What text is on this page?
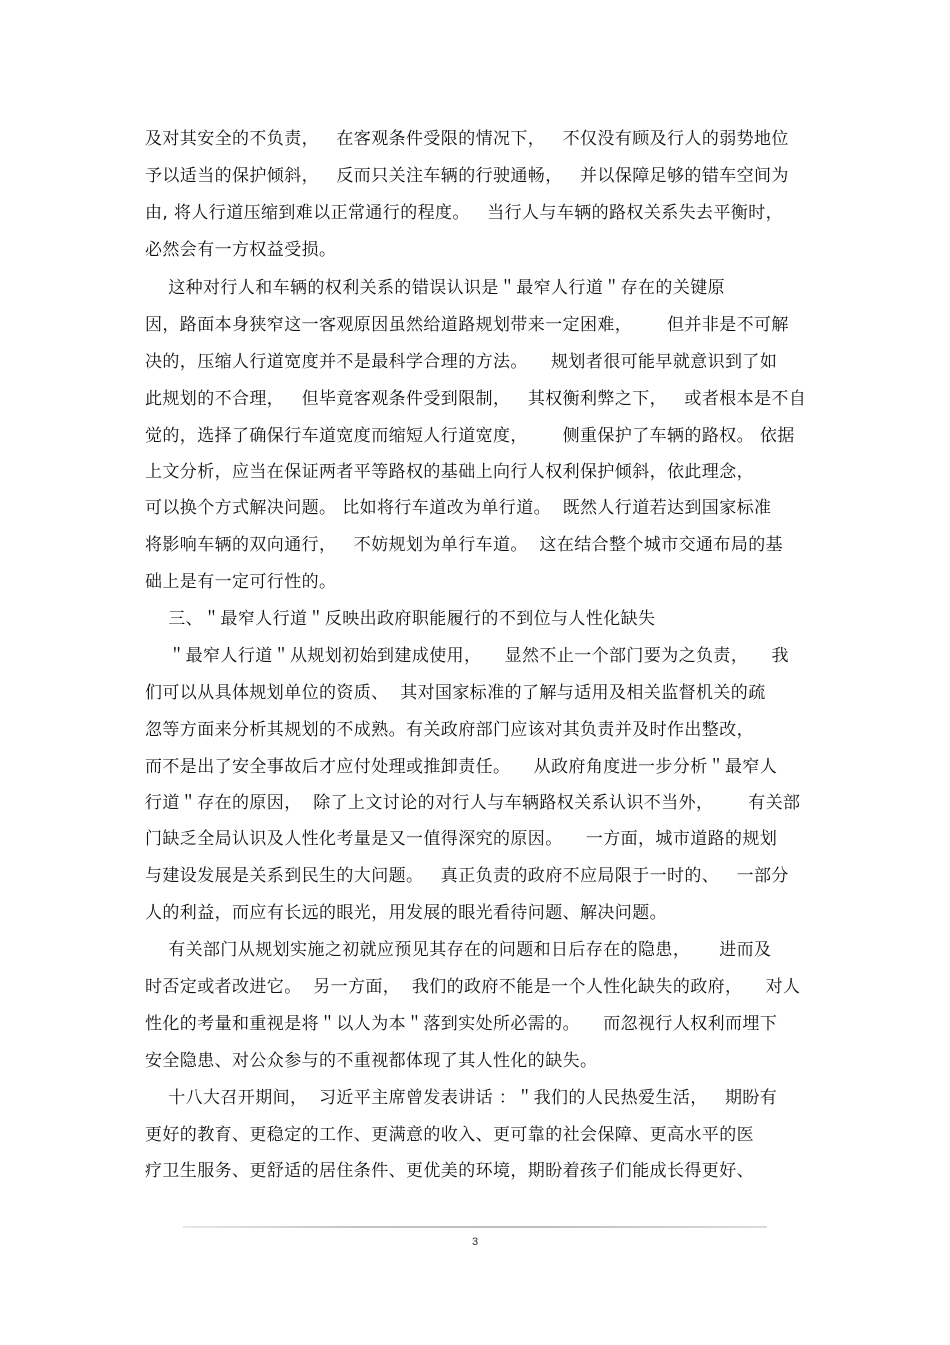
及对其安全的不负责，   在客观条件受限的情况下，   不仅没有顾及行人的弱势地位
予以适当的保护倾斜，   反而只关注车辆的行驶通畅，   并以保障足够的错车空间为
由, 将人行道压缩到难以正常通行的程度。   当行人与车辆的路权关系失去平衡时，
必然会有一方权益受损。
这种对行人和车辆的权利关系的错误认识是＂最窄人行道＂存在的关键原
因，路面本身狭窄这一客观原因虽然给道路规划带来一定困难，      但并非是不可解
决的，压缩人行道宽度并不是最科学合理的方法。    规划者很可能早就意识到了如
此规划的不合理，   但毕竟客观条件受到限制，   其权衡利弊之下，   或者根本是不自
觉的，选择了确保行车道宽度而缩短人行道宽度，      侧重保护了车辆的路权。 依据
上文分析，应当在保证两者平等路权的基础上向行人权利保护倾斜，依此理念，
可以换个方式解决问题。 比如将行车道改为单行道。  既然人行道若达到国家标准
将影响车辆的双向通行，   不妨规划为单行车道。  这在结合整个城市交通布局的基
础上是有一定可行性的。
三、＂最窄人行道＂反映出政府职能履行的不到位与人性化缺失
＂最窄人行道＂从规划初始到建成使用，    显然不止一个部门要为之负责，    我
们可以从具体规划单位的资质、  其对国家标准的了解与适用及相关监督机关的疏
忽等方面来分析其规划的不成熟。有关政府部门应该对其负责并及时作出整改，
而不是出了安全事故后才应付处理或推卸责任。    从政府角度进一步分析＂最窄人
行道＂存在的原因，  除了上文讨论的对行人与车辆路权关系认识不当外，      有关部
门缺乏全局认识及人性化考量是又一值得深究的原因。    一方面，城市道路的规划
与建设发展是关系到民生的大问题。   真正负责的政府不应局限于一时的、   一部分
人的利益，而应有长远的眼光，用发展的眼光看待问题、解决问题。
有关部门从规划实施之初就应预见其存在的问题和日后存在的隐患，     进而及
时否定或者改进它。  另一方面，  我们的政府不能是一个人性化缺失的政府，    对人
性化的考量和重视是将＂以人为本＂落到实处所必需的。    而忽视行人权利而埋下
安全隐患、对公众参与的不重视都体现了其人性化的缺失。
十八大召开期间，  习近平主席曾发表讲话 ：＂我们的人民热爱生活，   期盼有
更好的教育、更稳定的工作、更满意的收入、更可靠的社会保障、更高水平的医
疗卫生服务、更舒适的居住条件、更优美的环境，期盼着孩子们能成长得更好、
3
